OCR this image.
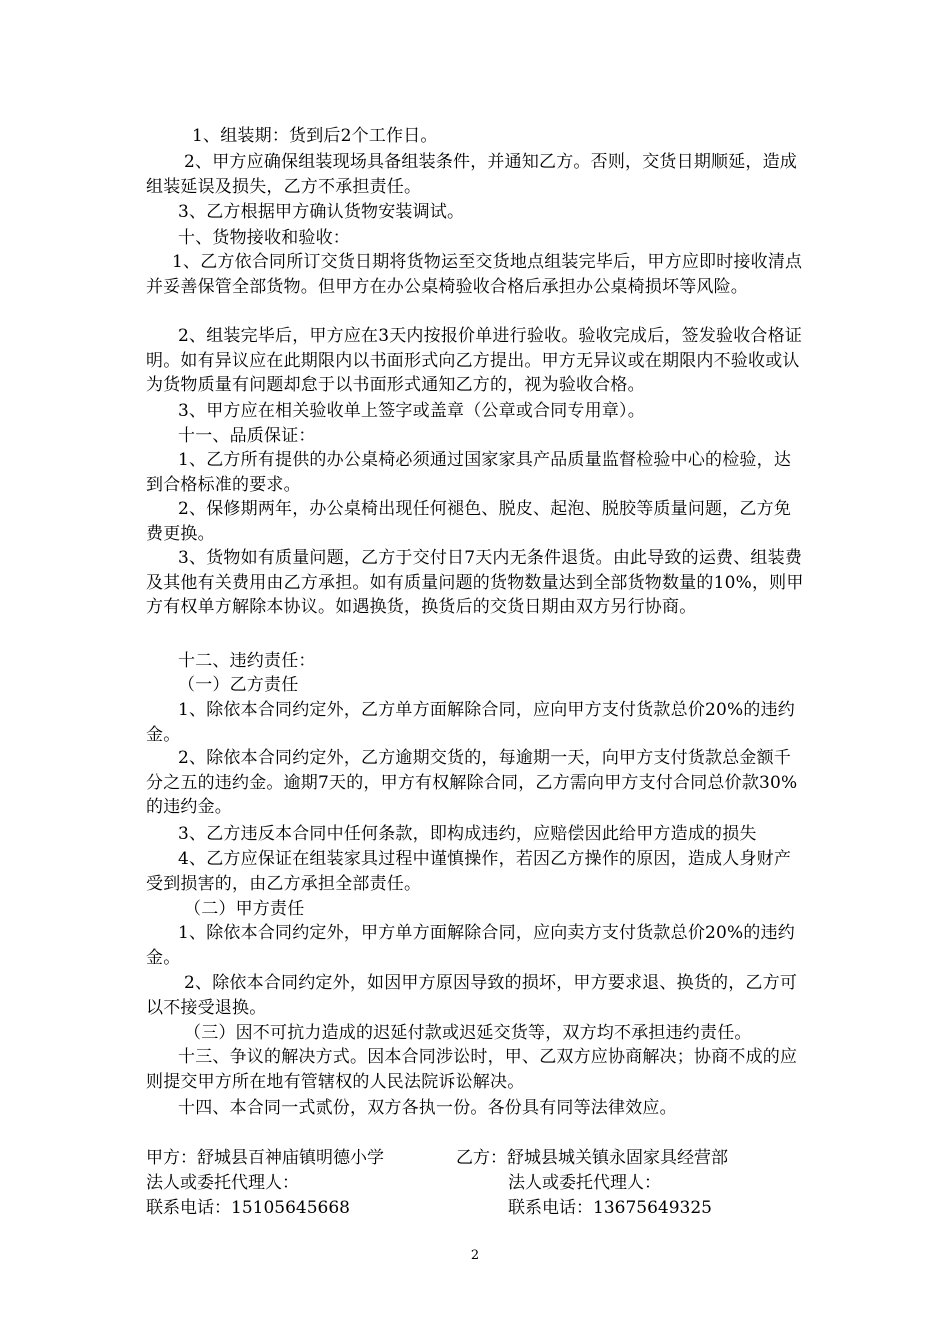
1、组装期：货到后2个工作日。
2、甲方应确保组装现场具备组装条件，并通知乙方。否则，交货日期顺延，造成组装延误及损失，乙方不承担责任。
3、乙方根据甲方确认货物安装调试。
十、货物接收和验收：
1、乙方依合同所订交货日期将货物运至交货地点组装完毕后，甲方应即时接收清点并妥善保管全部货物。但甲方在办公桌椅验收合格后承担办公桌椅损坏等风险。
2、组装完毕后，甲方应在3天内按报价单进行验收。验收完成后，签发验收合格证明。如有异议应在此期限内以书面形式向乙方提出。甲方无异议或在期限内不验收或认为货物质量有问题却怠于以书面形式通知乙方的，视为验收合格。
3、甲方应在相关验收单上签字或盖章（公章或合同专用章）。
十一、品质保证：
1、乙方所有提供的办公桌椅必须通过国家家具产品质量监督检验中心的检验，达到合格标准的要求。
2、保修期两年，办公桌椅出现任何褪色、脱皮、起泡、脱胶等质量问题，乙方免费更换。
3、货物如有质量问题，乙方于交付日7天内无条件退货。由此导致的运费、组装费及其他有关费用由乙方承担。如有质量问题的货物数量达到全部货物数量的10%，则甲方有权单方解除本协议。如遇换货，换货后的交货日期由双方另行协商。
十二、违约责任：
（一）乙方责任
1、除依本合同约定外，乙方单方面解除合同，应向甲方支付货款总价20%的违约金。
2、除依本合同约定外，乙方逾期交货的，每逾期一天，向甲方支付货款总金额千分之五的违约金。逾期7天的，甲方有权解除合同，乙方需向甲方支付合同总价款30%的违约金。
3、乙方违反本合同中任何条款，即构成违约，应赔偿因此给甲方造成的损失
4、乙方应保证在组装家具过程中谨慎操作，若因乙方操作的原因，造成人身财产受到损害的，由乙方承担全部责任。
（二）甲方责任
1、除依本合同约定外，甲方单方面解除合同，应向卖方支付货款总价20%的违约金。
2、除依本合同约定外，如因甲方原因导致的损坏，甲方要求退、换货的，乙方可以不接受退换。
（三）因不可抗力造成的迟延付款或迟延交货等，双方均不承担违约责任。
十三、争议的解决方式。因本合同涉讼时，甲、乙双方应协商解决；协商不成的应则提交甲方所在地有管辖权的人民法院诉讼解决。
十四、本合同一式贰份，双方各执一份。各份具有同等法律效应。
甲方：舒城县百神庙镇明德小学
法人或委托代理人：
联系电话：15105645668
乙方：舒城县城关镇永固家具经营部
法人或委托代理人：
联系电话：13675649325
2
